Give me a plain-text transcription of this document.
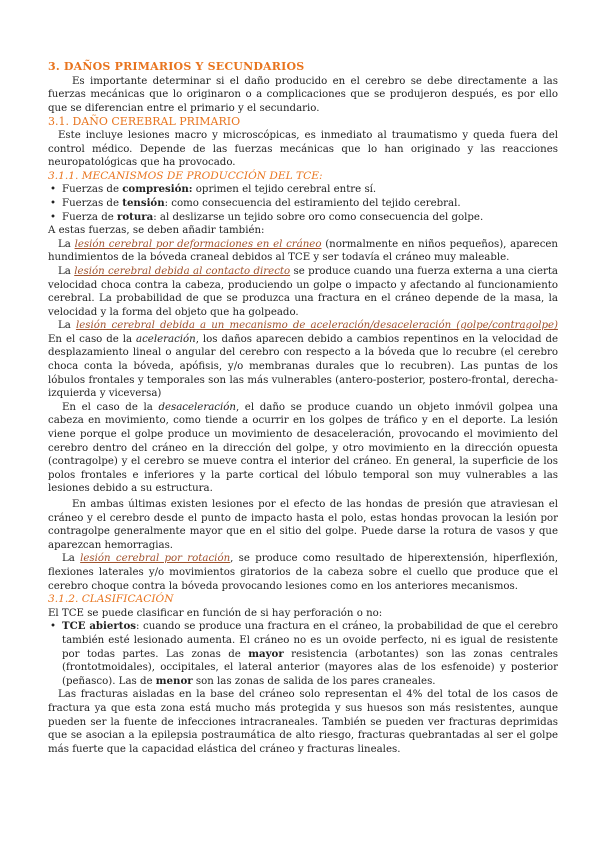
3. DAÑOS PRIMARIOS Y SECUNDARIOS

Es importante determinar si el daño producido en el cerebro se debe directamente a las fuerzas mecánicas que lo originaron o a complicaciones que se produjeron después, es por ello que se diferencian entre el primario y el secundario.

3.1. DAÑO CEREBRAL PRIMARIO

Este incluye lesiones macro y microscópicas, es inmediato al traumatismo y queda fuera del control médico. Depende de las fuerzas mecánicas que lo han originado y las reacciones neuropatológicas que ha provocado.

3.1.1. MECANISMOS DE PRODUCCIÓN DEL TCE:

• Fuerzas de compresión: oprimen el tejido cerebral entre sí.
• Fuerzas de tensión: como consecuencia del estiramiento del tejido cerebral.
• Fuerza de rotura: al deslizarse un tejido sobre oro como consecuencia del golpe.

A estas fuerzas, se deben añadir también:

La lesión cerebral por deformaciones en el cráneo (normalmente en niños pequeños), aparecen hundimientos de la bóveda craneal debidos al TCE y ser todavía el cráneo muy maleable.

La lesión cerebral debida al contacto directo se produce cuando una fuerza externa a una cierta velocidad choca contra la cabeza, produciendo un golpe o impacto y afectando al funcionamiento cerebral. La probabilidad de que se produzca una fractura en el cráneo depende de la masa, la velocidad y la forma del objeto que ha golpeado.

La lesión cerebral debida a un mecanismo de aceleración/desaceleración (golpe/contragolpe) En el caso de la aceleración, los daños aparecen debido a cambios repentinos en la velocidad de desplazamiento lineal o angular del cerebro con respecto a la bóveda que lo recubre (el cerebro choca conta la bóveda, apófisis, y/o membranas durales que lo recubren). Las puntas de los lóbulos frontales y temporales son las más vulnerables (antero-posterior, postero-frontal, derecha-izquierda y viceversa)

En el caso de la desaceleración, el daño se produce cuando un objeto inmóvil golpea una cabeza en movimiento, como tiende a ocurrir en los golpes de tráfico y en el deporte. La lesión viene porque el golpe produce un movimiento de desaceleración, provocando el movimiento del cerebro dentro del cráneo en la dirección del golpe, y otro movimiento en la dirección opuesta (contragolpe) y el cerebro se mueve contra el interior del cráneo. En general, la superficie de los polos frontales e inferiores y la parte cortical del lóbulo temporal son muy vulnerables a las lesiones debido a su estructura.

En ambas últimas existen lesiones por el efecto de las hondas de presión que atraviesan el cráneo y el cerebro desde el punto de impacto hasta el polo, estas hondas provocan la lesión por contragolpe generalmente mayor que en el sitio del golpe. Puede darse la rotura de vasos y que aparezcan hemorragias.

La lesión cerebral por rotación, se produce como resultado de hiperextensión, hiperflexión, flexiones laterales y/o movimientos giratorios de la cabeza sobre el cuello que produce que el cerebro choque contra la bóveda provocando lesiones como en los anteriores mecanismos.

3.1.2. CLASIFICACIÓN

El TCE se puede clasificar en función de si hay perforación o no:

• TCE abiertos: cuando se produce una fractura en el cráneo, la probabilidad de que el cerebro también esté lesionado aumenta. El cráneo no es un ovoide perfecto, ni es igual de resistente por todas partes. Las zonas de mayor resistencia (arbotantes) son las zonas centrales (frontotmoidales), occipitales, el lateral anterior (mayores alas de los esfenoide) y posterior (peñasco). Las de menor son las zonas de salida de los pares craneales.

Las fracturas aisladas en la base del cráneo solo representan el 4% del total de los casos de fractura ya que esta zona está mucho más protegida y sus huesos son más resistentes, aunque pueden ser la fuente de infecciones intracraneales. También se pueden ver fracturas deprimidas que se asocian a la epilepsia postraumática de alto riesgo, fracturas quebrantadas al ser el golpe más fuerte que la capacidad elástica del cráneo y fracturas lineales.
